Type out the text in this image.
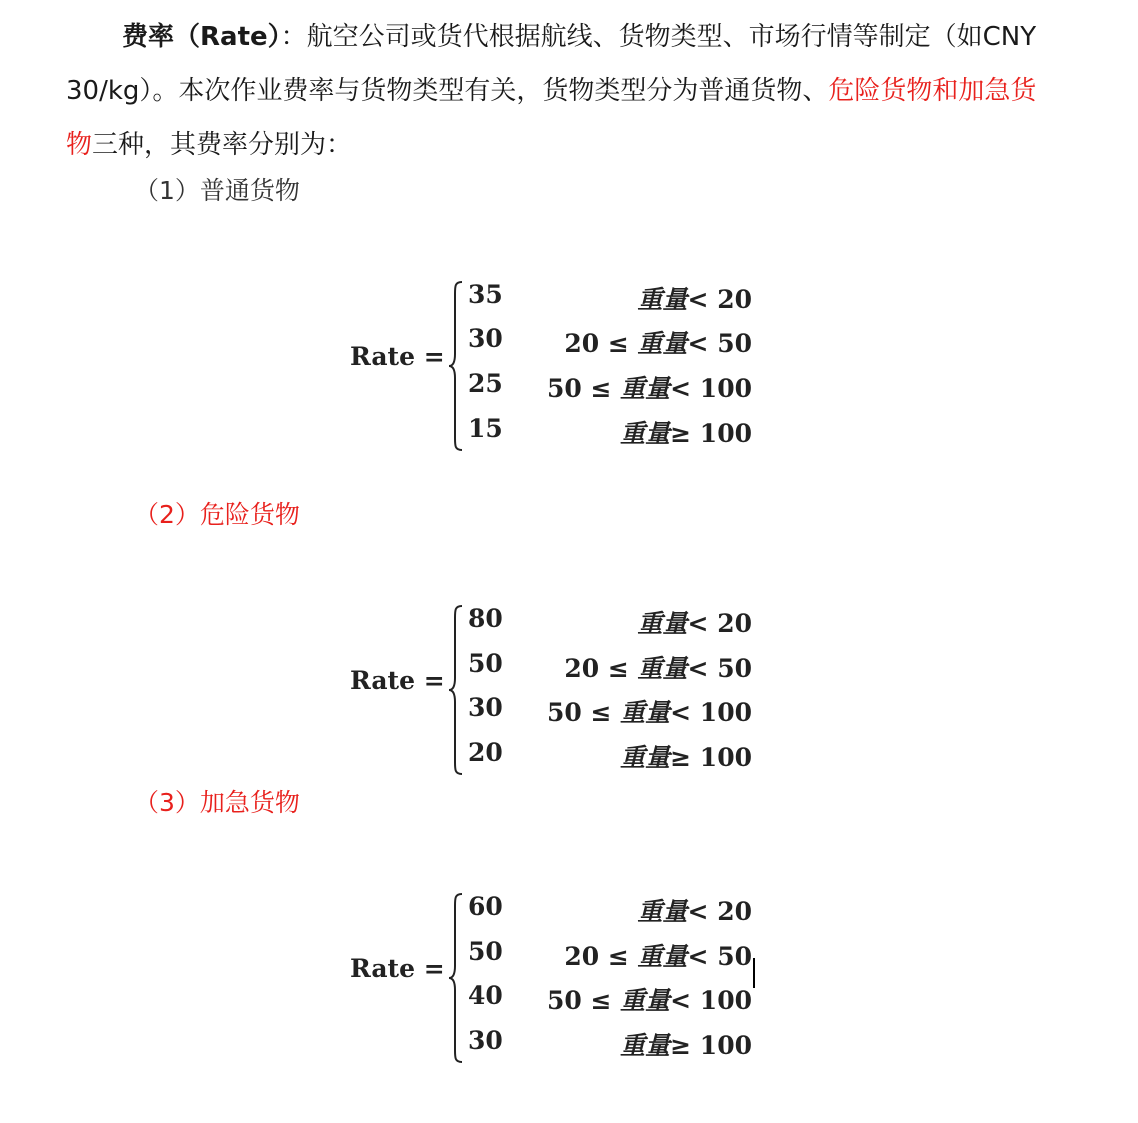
费率（Rate）：航空公司或货代根据航线、货物类型、市场行情等制定（如CNY 30/kg）。本次作业费率与货物类型有关，货物类型分为普通货物、危险货物和加急货物三种，其费率分别为：

（1）普通货物
Rate =
35	重量< 20
30 20 ≤ 重量< 50
25 50 ≤ 重量< 100
15	重量≥ 100
（2）危险货物
Rate =
80	重量< 20
50 20 ≤ 重量< 50
30 50 ≤ 重量< 100
20	重量≥ 100
（3）加急货物
Rate =
60	重量< 20
50 20 ≤ 重量< 50
40 50 ≤ 重量< 100
30	重量≥ 100
